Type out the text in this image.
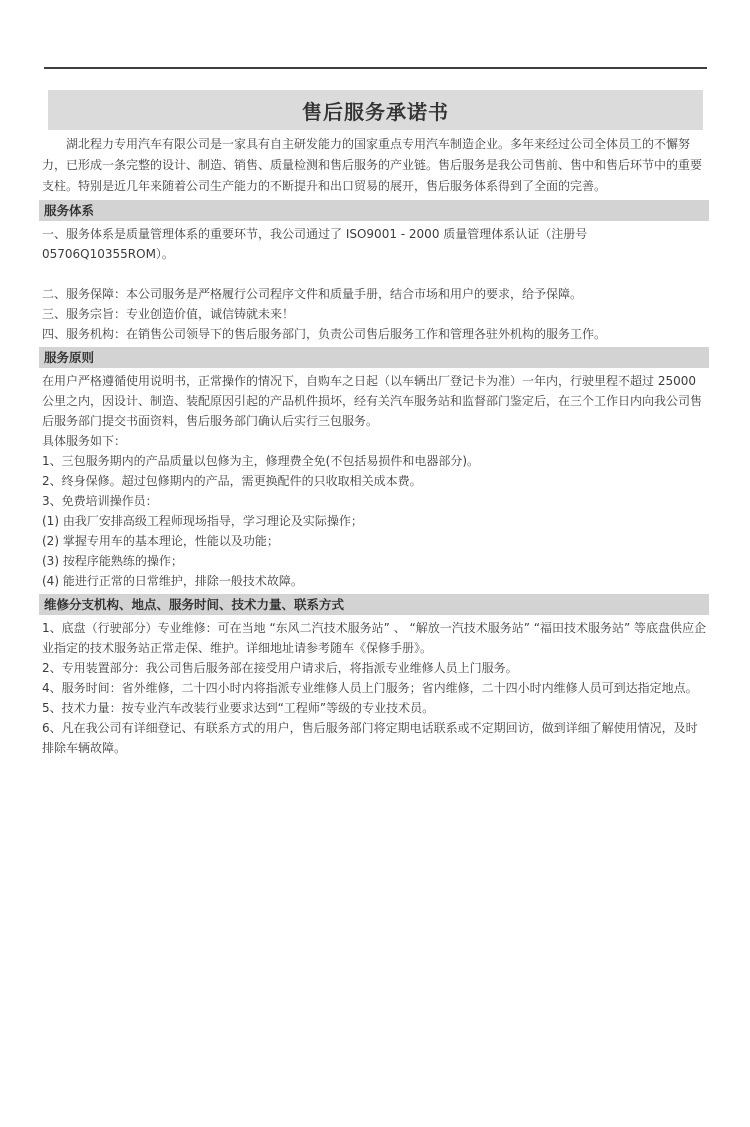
售后服务承诺书

湖北程力专用汽车有限公司是一家具有自主研发能力的国家重点专用汽车制造企业。多年来经过公司全体员工的不懈努力，已形成一条完整的设计、制造、销售、质量检测和售后服务的产业链。售后服务是我公司售前、售中和售后环节中的重要支柱。特别是近几年来随着公司生产能力的不断提升和出口贸易的展开，售后服务体系得到了全面的完善。

服务体系
一、服务体系是质量管理体系的重要环节，我公司通过了 ISO9001 - 2000 质量管理体系认证（注册号 05706Q10355ROM）。
二、服务保障：本公司服务是严格履行公司程序文件和质量手册，结合市场和用户的要求，给予保障。
三、服务宗旨：专业创造价值，诚信铸就未来！
四、服务机构：在销售公司领导下的售后服务部门，负责公司售后服务工作和管理各驻外机构的服务工作。
服务原则
在用户严格遵循使用说明书，正常操作的情况下，自购车之日起（以车辆出厂登记卡为准）一年内，行驶里程不超过 25000 公里之内，因设计、制造、装配原因引起的产品机件损坏，经有关汽车服务站和监督部门鉴定后，在三个工作日内向我公司售后服务部门提交书面资料，售后服务部门确认后实行三包服务。
具体服务如下：
1、三包服务期内的产品质量以包修为主，修理费全免(不包括易损件和电器部分)。
2、终身保修。超过包修期内的产品，需更换配件的只收取相关成本费。
3、免费培训操作员：
(1) 由我厂安排高级工程师现场指导，学习理论及实际操作；
(2) 掌握专用车的基本理论，性能以及功能；
(3) 按程序能熟练的操作；
(4) 能进行正常的日常维护，排除一般技术故障。
维修分支机构、地点、服务时间、技术力量、联系方式
1、底盘（行驶部分）专业维修：可在当地 “东风二汽技术服务站” 、 “解放一汽技术服务站” “福田技术服务站” 等底盘供应企业指定的技术服务站正常走保、维护。详细地址请参考随车《保修手册》。
2、专用装置部分：我公司售后服务部在接受用户请求后，将指派专业维修人员上门服务。
4、服务时间：省外维修，二十四小时内将指派专业维修人员上门服务；省内维修，二十四小时内维修人员可到达指定地点。
5、技术力量：按专业汽车改装行业要求达到“工程师”等级的专业技术员。
6、凡在我公司有详细登记、有联系方式的用户，售后服务部门将定期电话联系或不定期回访，做到详细了解使用情况，及时排除车辆故障。
